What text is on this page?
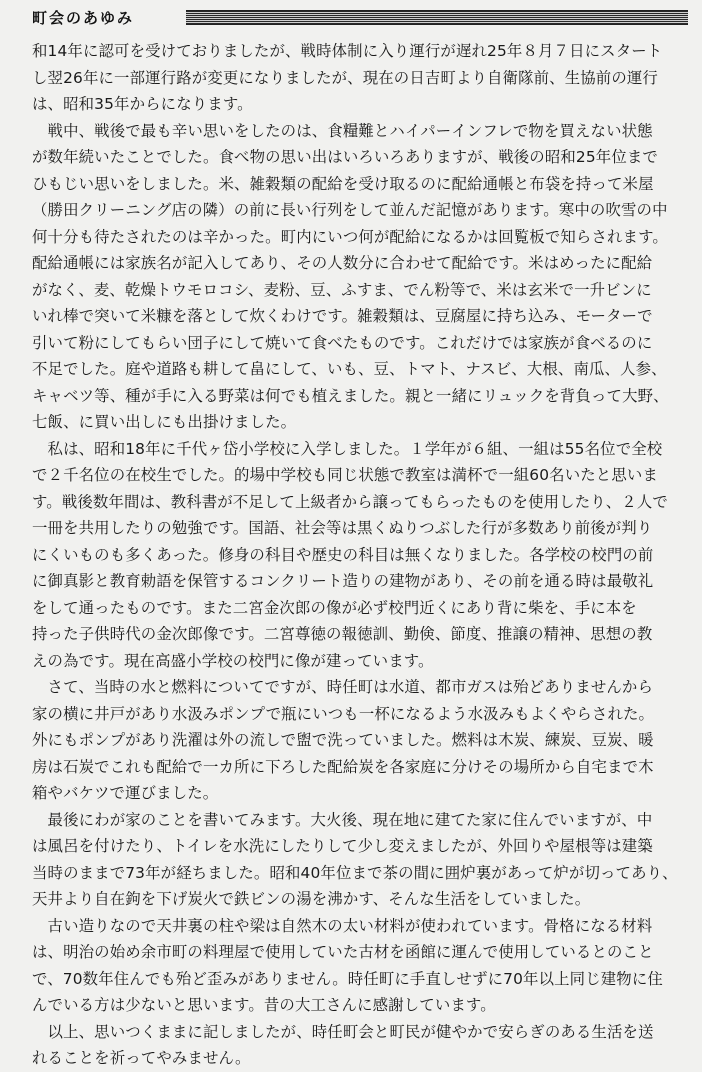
町会のあゆみ
和14年に認可を受けておりましたが、戦時体制に入り運行が遅れ25年８月７日にスタート
し翌26年に一部運行路が変更になりましたが、現在の日吉町より自衛隊前、生協前の運行
は、昭和35年からになります。
　戦中、戦後で最も辛い思いをしたのは、食糧難とハイパーインフレで物を買えない状態
が数年続いたことでした。食べ物の思い出はいろいろありますが、戦後の昭和25年位まで
ひもじい思いをしました。米、雑穀類の配給を受け取るのに配給通帳と布袋を持って米屋
（勝田クリーニング店の隣）の前に長い行列をして並んだ記憶があります。寒中の吹雪の中
何十分も待たされたのは辛かった。町内にいつ何が配給になるかは回覧板で知らされます。
配給通帳には家族名が記入してあり、その人数分に合わせて配給です。米はめったに配給
がなく、麦、乾燥トウモロコシ、麦粉、豆、ふすま、でん粉等で、米は玄米で一升ビンに
いれ棒で突いて米糠を落として炊くわけです。雑穀類は、豆腐屋に持ち込み、モーターで
引いて粉にしてもらい団子にして焼いて食べたものです。これだけでは家族が食べるのに
不足でした。庭や道路も耕して畠にして、いも、豆、トマト、ナスビ、大根、南瓜、人参、
キャベツ等、種が手に入る野菜は何でも植えました。親と一緒にリュックを背負って大野、
七飯、に買い出しにも出掛けました。
　私は、昭和18年に千代ヶ岱小学校に入学しました。１学年が６組、一組は55名位で全校
で２千名位の在校生でした。的場中学校も同じ状態で教室は満杯で一組60名いたと思いま
す。戦後数年間は、教科書が不足して上級者から譲ってもらったものを使用したり、２人で
一冊を共用したりの勉強です。国語、社会等は黒くぬりつぶした行が多数あり前後が判り
にくいものも多くあった。修身の科目や歴史の科目は無くなりました。各学校の校門の前
に御真影と教育勅語を保管するコンクリート造りの建物があり、その前を通る時は最敬礼
をして通ったものです。また二宮金次郎の像が必ず校門近くにあり背に柴を、手に本を
持った子供時代の金次郎像です。二宮尊徳の報徳訓、勤倹、節度、推譲の精神、思想の教
えの為です。現在高盛小学校の校門に像が建っています。
　さて、当時の水と燃料についてですが、時任町は水道、都市ガスは殆どありませんから
家の横に井戸があり水汲みポンプで瓶にいつも一杯になるよう水汲みもよくやらされた。
外にもポンプがあり洗濯は外の流しで盥で洗っていました。燃料は木炭、練炭、豆炭、暖
房は石炭でこれも配給で一カ所に下ろした配給炭を各家庭に分けその場所から自宅まで木
箱やバケツで運びました。
　最後にわが家のことを書いてみます。大火後、現在地に建てた家に住んでいますが、中
は風呂を付けたり、トイレを水洗にしたりして少し変えましたが、外回りや屋根等は建築
当時のままで73年が経ちました。昭和40年位まで茶の間に囲炉裏があって炉が切ってあり、
天井より自在鉤を下げ炭火で鉄ビンの湯を沸かす、そんな生活をしていました。
　古い造りなので天井裏の柱や梁は自然木の太い材料が使われています。骨格になる材料
は、明治の始め余市町の料理屋で使用していた古材を函館に運んで使用しているとのこと
で、70数年住んでも殆ど歪みがありません。時任町に手直しせずに70年以上同じ建物に住
んでいる方は少ないと思います。昔の大工さんに感謝しています。
　以上、思いつくままに記しましたが、時任町会と町民が健やかで安らぎのある生活を送
れることを祈ってやみません。
